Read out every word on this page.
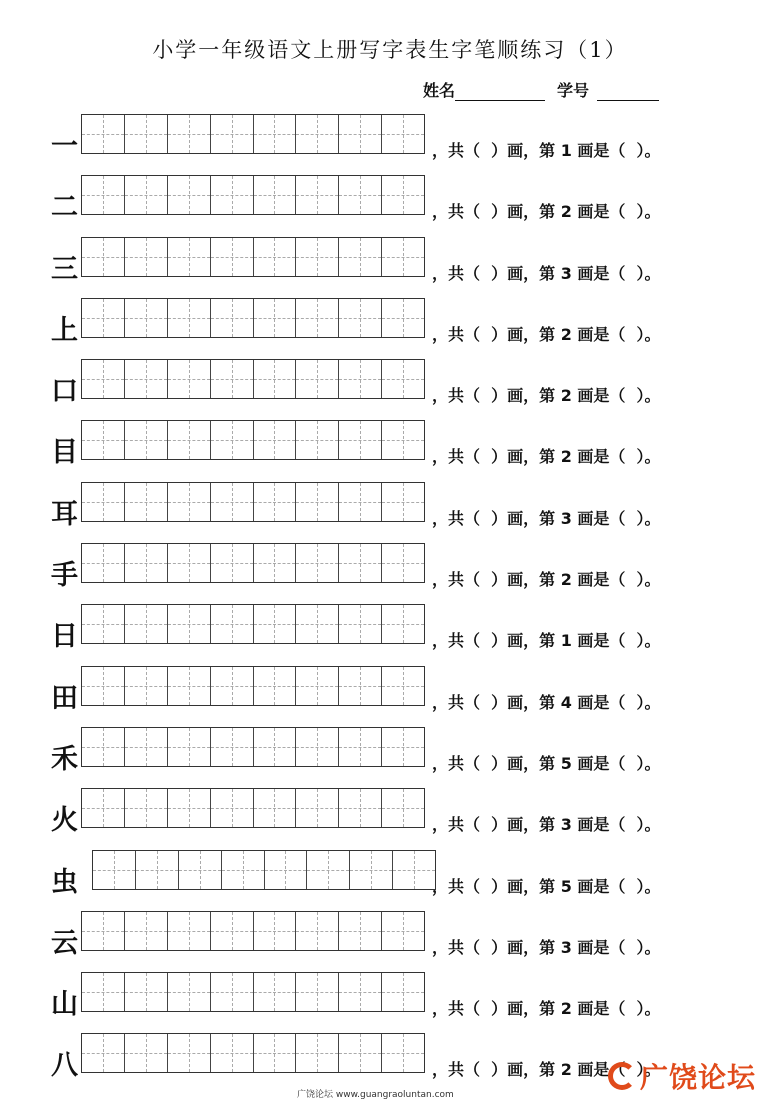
小学一年级语文上册写字表生字笔顺练习（1）
姓名	学号
一	，共（  ）画，第 1 画是（  ）。
二	，共（  ）画，第 2 画是（  ）。
三	，共（  ）画，第 3 画是（  ）。
上	，共（  ）画，第 2 画是（  ）。
口	，共（  ）画，第 2 画是（  ）。
目	，共（  ）画，第 2 画是（  ）。
耳	，共（  ）画，第 3 画是（  ）。
手	，共（  ）画，第 2 画是（  ）。
日	，共（  ）画，第 1 画是（  ）。
田	，共（  ）画，第 4 画是（  ）。
禾	，共（  ）画，第 5 画是（  ）。
火	，共（  ）画，第 3 画是（  ）。
虫	，共（  ）画，第 5 画是（  ）。
云	，共（  ）画，第 3 画是（  ）。
山	，共（  ）画，第 2 画是（  ）。
八	，共（  ）画，第 2 画是（  ）。
广饶论坛 www.guangraoluntan.com
广饶论坛
